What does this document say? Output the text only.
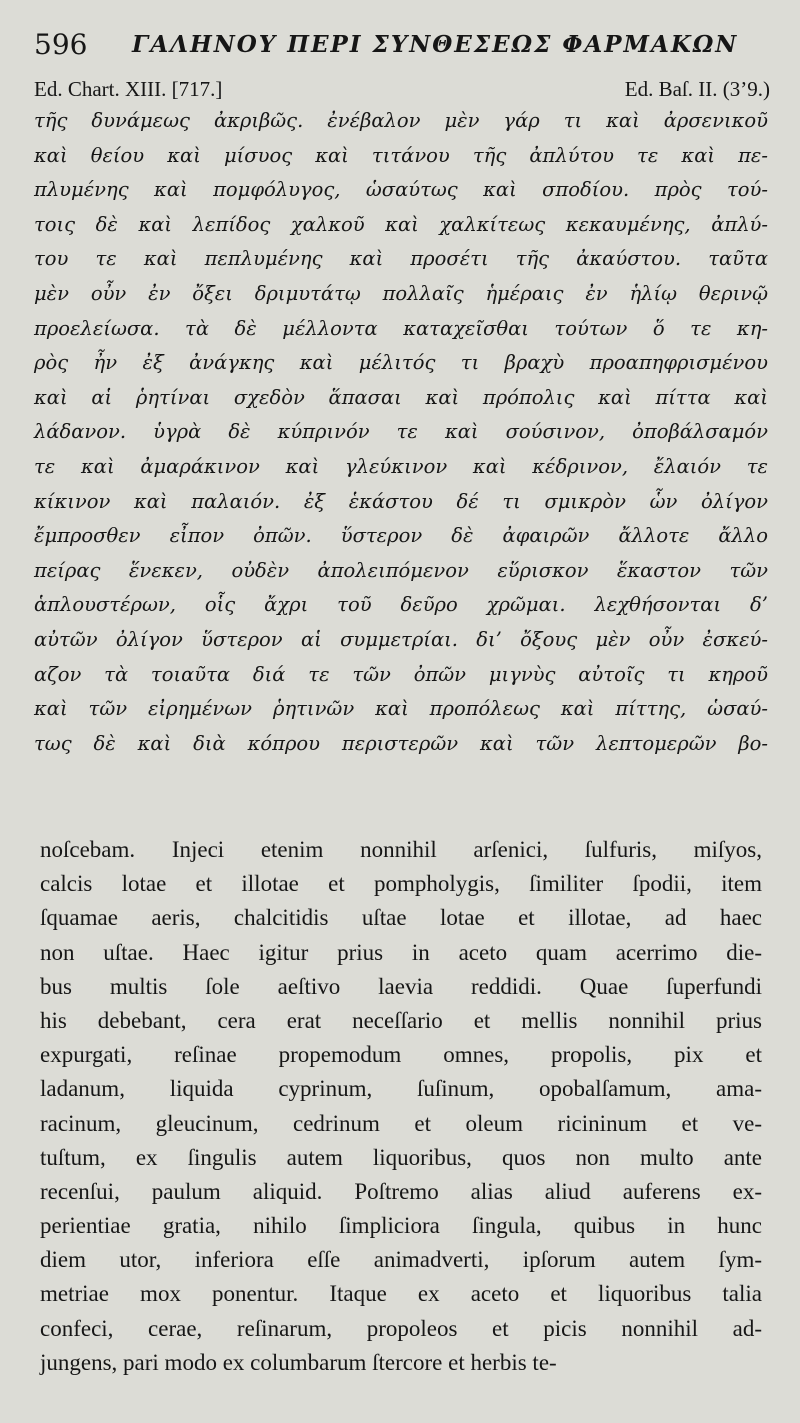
596 ΓΑΛΗΝΟΥ ΠΕΡΙ ΣΥΝΘΕΣΕΩΣ ΦΑΡΜΑΚΩΝ
Ed. Chart. XIII. [717.]	Ed. Baſ. II. (3’9.)
τῆς δυνάμεως ἀκριβῶς. ἐνέβαλον μὲν γάρ τι καὶ ἀρσενικοῦ
καὶ θείου καὶ μίσυος καὶ τιτάνου τῆς ἀπλύτου τε καὶ πε-
πλυμένης καὶ πομφόλυγος, ὡσαύτως καὶ σποδίου. πρὸς τού-
τοις δὲ καὶ λεπίδος χαλκοῦ καὶ χαλκίτεως κεκαυμένης, ἀπλύ-
του τε καὶ πεπλυμένης καὶ προσέτι τῆς ἀκαύστου. ταῦτα
μὲν οὖν ἐν ὄξει δριμυτάτῳ πολλαῖς ἡμέραις ἐν ἡλίῳ θερινῷ
προελείωσα. τὰ δὲ μέλλοντα καταχεῖσθαι τούτων ὅ τε κη-
ρὸς ἦν ἐξ ἀνάγκης καὶ μέλιτός τι βραχὺ προαπηφρισμένου
καὶ αἱ ῥητίναι σχεδὸν ἅπασαι καὶ πρόπολις καὶ πίττα καὶ
λάδανον. ὑγρὰ δὲ κύπρινόν τε καὶ σούσινον, ὀποβάλσαμόν
τε καὶ ἀμαράκινον καὶ γλεύκινον καὶ κέδρινον, ἔλαιόν τε
κίκινον καὶ παλαιόν. ἐξ ἑκάστου δέ τι σμικρὸν ὧν ὀλίγον
ἔμπροσθεν εἶπον ὀπῶν. ὕστερον δὲ ἀφαιρῶν ἄλλοτε ἄλλο
πείρας ἕνεκεν, οὐδὲν ἀπολειπόμενον εὕρισκον ἕκαστον τῶν
ἁπλουστέρων, οἷς ἄχρι τοῦ δεῦρο χρῶμαι. λεχθήσονται δ’
αὐτῶν ὀλίγον ὕστερον αἱ συμμετρίαι. δι’ ὄξους μὲν οὖν ἐσκεύ-
αζον τὰ τοιαῦτα διά τε τῶν ὀπῶν μιγνὺς αὐτοῖς τι κηροῦ
καὶ τῶν εἰρημένων ῥητινῶν καὶ προπόλεως καὶ πίττης, ὡσαύ-
τως δὲ καὶ διὰ κόπρου περιστερῶν καὶ τῶν λεπτομερῶν βο-
noſcebam. Injeci etenim nonnihil arſenici, ſulfuris, miſyos,
calcis lotae et illotae et pompholygis, ſimiliter ſpodii, item
ſquamae aeris, chalcitidis uſtae lotae et illotae, ad haec
non uſtae. Haec igitur prius in aceto quam acerrimo die-
bus multis ſole aeſtivo laevia reddidi. Quae ſuperfundi
his debebant, cera erat neceſſario et mellis nonnihil prius
expurgati, reſinae propemodum omnes, propolis, pix et
ladanum, liquida cyprinum, ſuſinum, opobalſamum, ama-
racinum, gleucinum, cedrinum et oleum ricininum et ve-
tuſtum, ex ſingulis autem liquoribus, quos non multo ante
recenſui, paulum aliquid. Poſtremo alias aliud auferens ex-
perientiae gratia, nihilo ſimpliciora ſingula, quibus in hunc
diem utor, inferiora eſſe animadverti, ipſorum autem ſym-
metriae mox ponentur. Itaque ex aceto et liquoribus talia
confeci, cerae, reſinarum, propoleos et picis nonnihil ad-
jungens, pari modo ex columbarum ſtercore et herbis te-
